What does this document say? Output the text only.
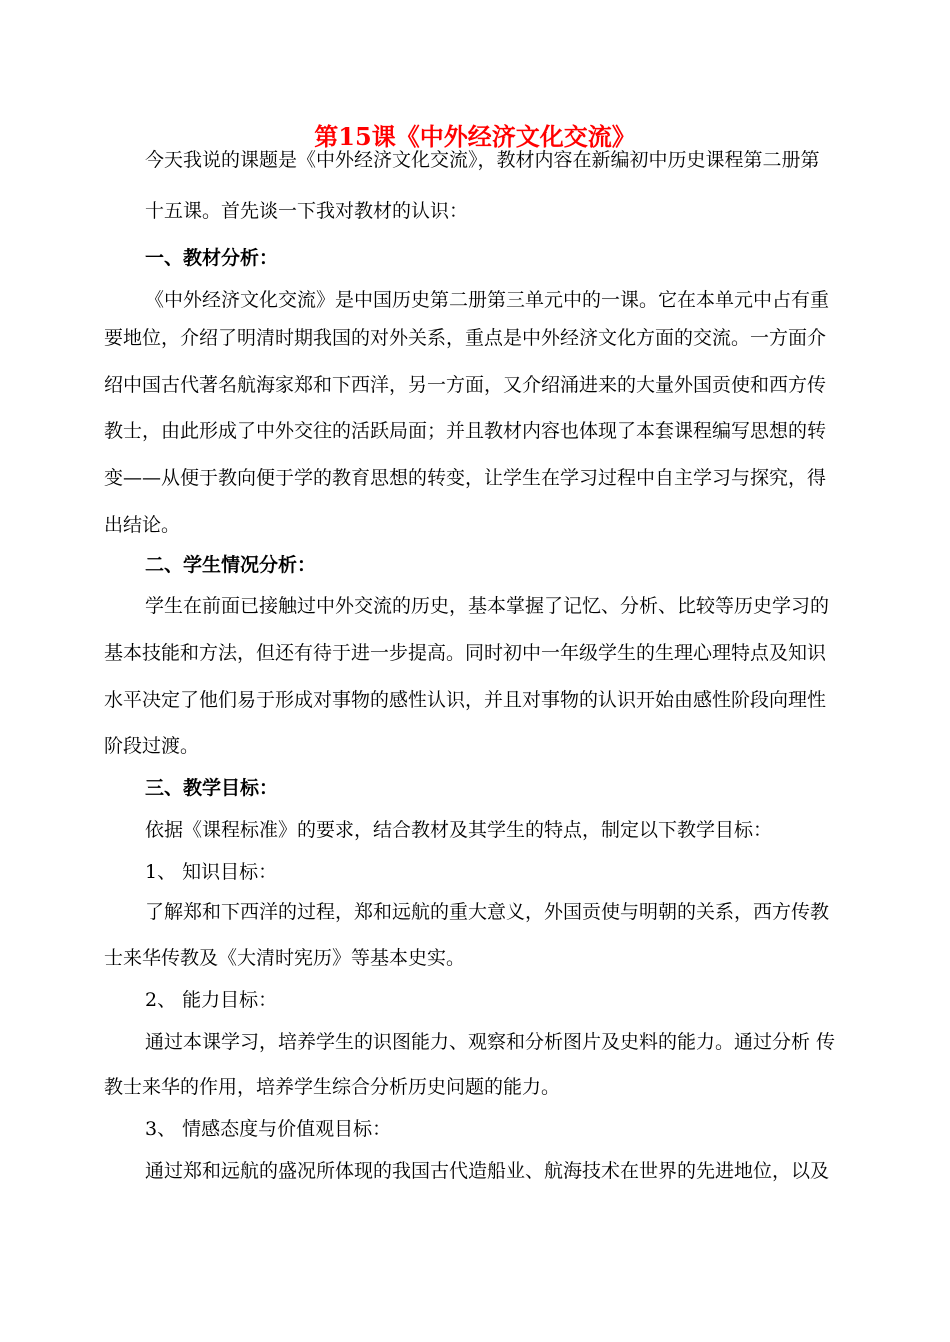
第15课《中外经济文化交流》
今天我说的课题是《中外经济文化交流》，教材内容在新编初中历史课程第二册第
十五课。首先谈一下我对教材的认识：
一、教材分析：
《中外经济文化交流》是中国历史第二册第三单元中的一课。它在本单元中占有重
要地位，介绍了明清时期我国的对外关系，重点是中外经济文化方面的交流。一方面介
绍中国古代著名航海家郑和下西洋，另一方面，又介绍涌进来的大量外国贡使和西方传
教士，由此形成了中外交往的活跃局面；并且教材内容也体现了本套课程编写思想的转
变——从便于教向便于学的教育思想的转变，让学生在学习过程中自主学习与探究，得
出结论。
二、学生情况分析：
学生在前面已接触过中外交流的历史，基本掌握了记忆、分析、比较等历史学习的
基本技能和方法，但还有待于进一步提高。同时初中一年级学生的生理心理特点及知识
水平决定了他们易于形成对事物的感性认识，并且对事物的认识开始由感性阶段向理性
阶段过渡。
三、教学目标：
依据《课程标准》的要求，结合教材及其学生的特点，制定以下教学目标：
1、 知识目标：
了解郑和下西洋的过程，郑和远航的重大意义，外国贡使与明朝的关系，西方传教
士来华传教及《大清时宪历》等基本史实。
2、 能力目标：
通过本课学习，培养学生的识图能力、观察和分析图片及史料的能力。通过分析 传
教士来华的作用，培养学生综合分析历史问题的能力。
3、 情感态度与价值观目标：
通过郑和远航的盛况所体现的我国古代造船业、航海技术在世界的先进地位，以及
